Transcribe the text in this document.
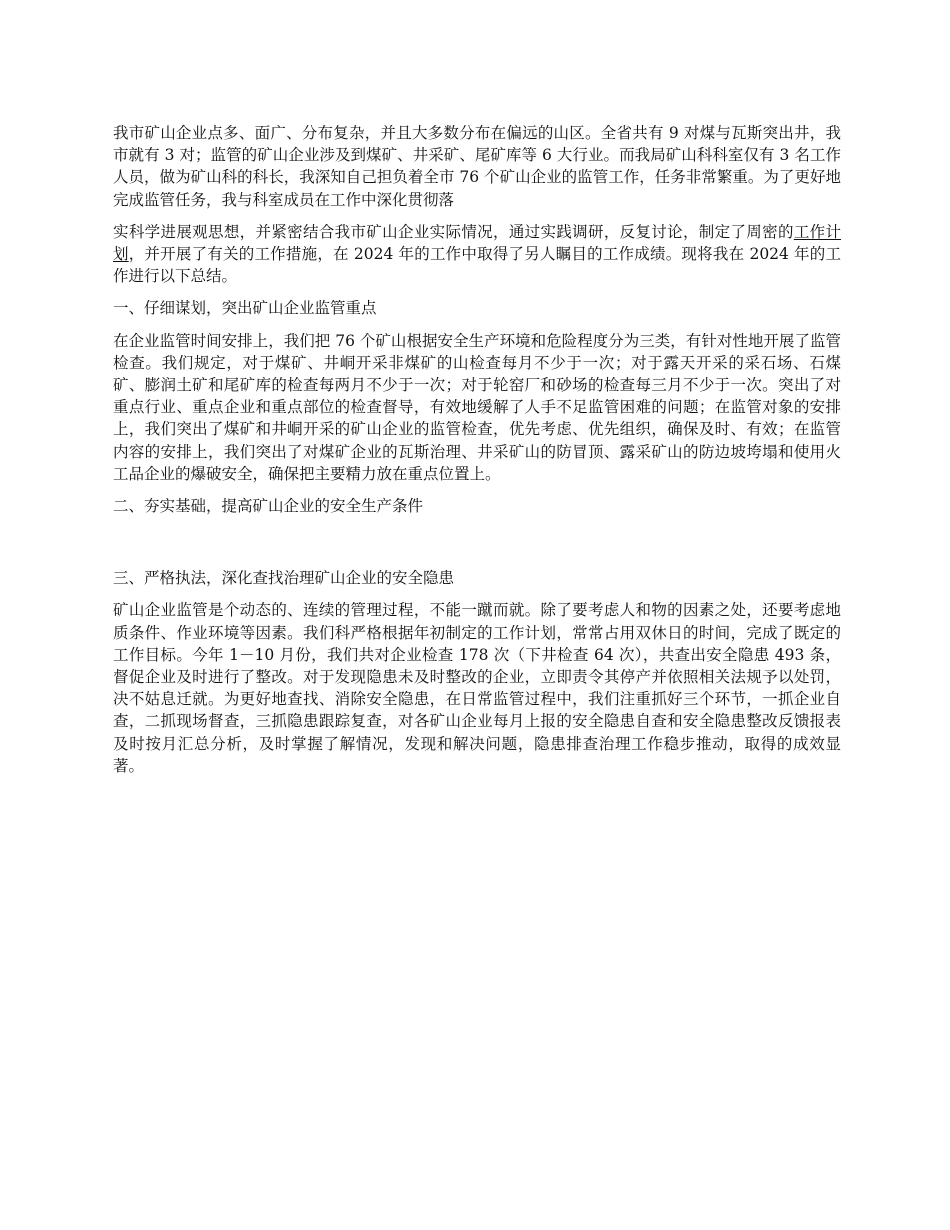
我市矿山企业点多、面广、分布复杂，并且大多数分布在偏远的山区。全省共有 9 对煤与瓦斯突出井，我市就有 3 对；监管的矿山企业涉及到煤矿、井采矿、尾矿库等 6 大行业。而我局矿山科科室仅有 3 名工作人员，做为矿山科的科长，我深知自己担负着全市 76 个矿山企业的监管工作，任务非常繁重。为了更好地完成监管任务，我与科室成员在工作中深化贯彻落

实科学进展观思想，并紧密结合我市矿山企业实际情况，通过实践调研，反复讨论，制定了周密的工作计划，并开展了有关的工作措施，在 2024 年的工作中取得了另人瞩目的工作成绩。现将我在 2024 年的工作进行以下总结。

一、仔细谋划，突出矿山企业监管重点

在企业监管时间安排上，我们把 76 个矿山根据安全生产环境和危险程度分为三类，有针对性地开展了监管检查。我们规定，对于煤矿、井峒开采非煤矿的山检查每月不少于一次；对于露天开采的采石场、石煤矿、膨润土矿和尾矿库的检查每两月不少于一次；对于轮窑厂和砂场的检查每三月不少于一次。突出了对重点行业、重点企业和重点部位的检查督导，有效地缓解了人手不足监管困难的问题；在监管对象的安排上，我们突出了煤矿和井峒开采的矿山企业的监管检查，优先考虑、优先组织，确保及时、有效；在监管内容的安排上，我们突出了对煤矿企业的瓦斯治理、井采矿山的防冒顶、露采矿山的防边坡垮塌和使用火工品企业的爆破安全，确保把主要精力放在重点位置上。

二、夯实基础，提高矿山企业的安全生产条件

三、严格执法，深化查找治理矿山企业的安全隐患

矿山企业监管是个动态的、连续的管理过程，不能一蹴而就。除了要考虑人和物的因素之处，还要考虑地质条件、作业环境等因素。我们科严格根据年初制定的工作计划，常常占用双休日的时间，完成了既定的工作目标。今年 1－10 月份，我们共对企业检查 178 次（下井检查 64 次），共查出安全隐患 493 条，督促企业及时进行了整改。对于发现隐患未及时整改的企业，立即责令其停产并依照相关法规予以处罚，决不姑息迁就。为更好地查找、消除安全隐患，在日常监管过程中，我们注重抓好三个环节，一抓企业自查，二抓现场督查，三抓隐患跟踪复查，对各矿山企业每月上报的安全隐患自查和安全隐患整改反馈报表及时按月汇总分析，及时掌握了解情况，发现和解决问题，隐患排查治理工作稳步推动，取得的成效显著。
